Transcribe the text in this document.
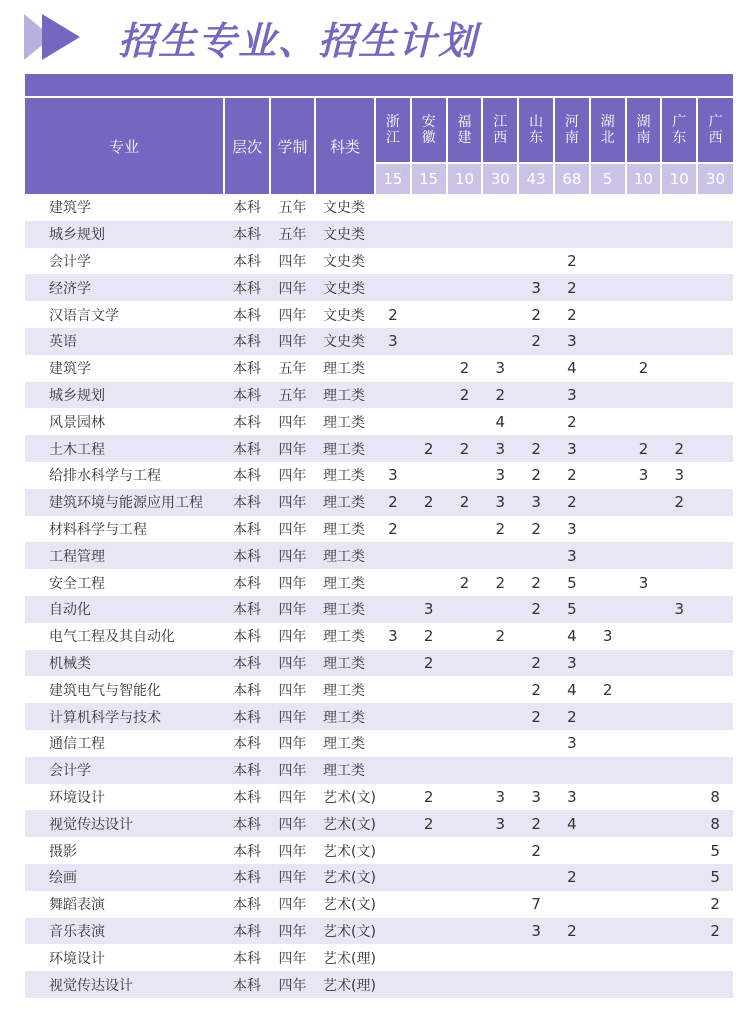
招生专业、招生计划
专业	层次	学制	科类	浙江	安徽	福建	江西	山东	河南	湖北	湖南	广东	广西
				15	15	10	30	43	68	5	10	10	30
建筑学	本科	五年	文史类										
城乡规划	本科	五年	文史类										
会计学	本科	四年	文史类						2				
经济学	本科	四年	文史类					3	2				
汉语言文学	本科	四年	文史类	2				2	2				
英语	本科	四年	文史类	3				2	3				
建筑学	本科	五年	理工类			2	3		4		2		
城乡规划	本科	五年	理工类			2	2		3				
风景园林	本科	四年	理工类				4		2				
土木工程	本科	四年	理工类		2	2	3	2	3		2	2	
给排水科学与工程	本科	四年	理工类	3			3	2	2		3	3	
建筑环境与能源应用工程	本科	四年	理工类	2	2	2	3	3	2			2	
材料科学与工程	本科	四年	理工类	2			2	2	3				
工程管理	本科	四年	理工类						3				
安全工程	本科	四年	理工类			2	2	2	5		3		
自动化	本科	四年	理工类		3			2	5			3	
电气工程及其自动化	本科	四年	理工类	3	2		2		4	3			
机械类	本科	四年	理工类		2			2	3				
建筑电气与智能化	本科	四年	理工类					2	4	2			
计算机科学与技术	本科	四年	理工类					2	2				
通信工程	本科	四年	理工类						3				
会计学	本科	四年	理工类										
环境设计	本科	四年	艺术(文)		2		3	3	3				8
视觉传达设计	本科	四年	艺术(文)		2		3	2	4				8
摄影	本科	四年	艺术(文)					2					5
绘画	本科	四年	艺术(文)						2				5
舞蹈表演	本科	四年	艺术(文)					7					2
音乐表演	本科	四年	艺术(文)					3	2				2
环境设计	本科	四年	艺术(理)										
视觉传达设计	本科	四年	艺术(理)										
